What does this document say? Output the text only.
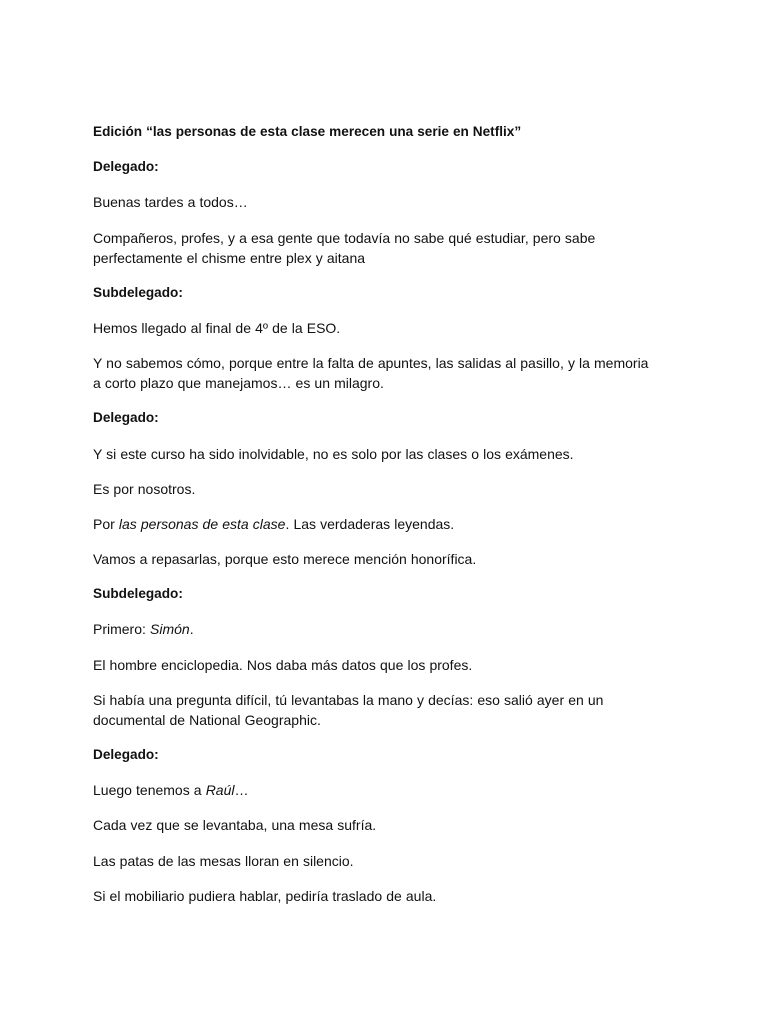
Edición “las personas de esta clase merecen una serie en Netflix”

Delegado:

Buenas tardes a todos…

Compañeros, profes, y a esa gente que todavía no sabe qué estudiar, pero sabe perfectamente el chisme entre plex y aitana

Subdelegado:

Hemos llegado al final de 4º de la ESO.

Y no sabemos cómo, porque entre la falta de apuntes, las salidas al pasillo, y la memoria a corto plazo que manejamos… es un milagro.

Delegado:

Y si este curso ha sido inolvidable, no es solo por las clases o los exámenes.

Es por nosotros.

Por las personas de esta clase. Las verdaderas leyendas.

Vamos a repasarlas, porque esto merece mención honorífica.

Subdelegado:

Primero: Simón.

El hombre enciclopedia. Nos daba más datos que los profes.

Si había una pregunta difícil, tú levantabas la mano y decías: eso salió ayer en un documental de National Geographic.

Delegado:

Luego tenemos a Raúl…

Cada vez que se levantaba, una mesa sufría.

Las patas de las mesas lloran en silencio.

Si el mobiliario pudiera hablar, pediría traslado de aula.
